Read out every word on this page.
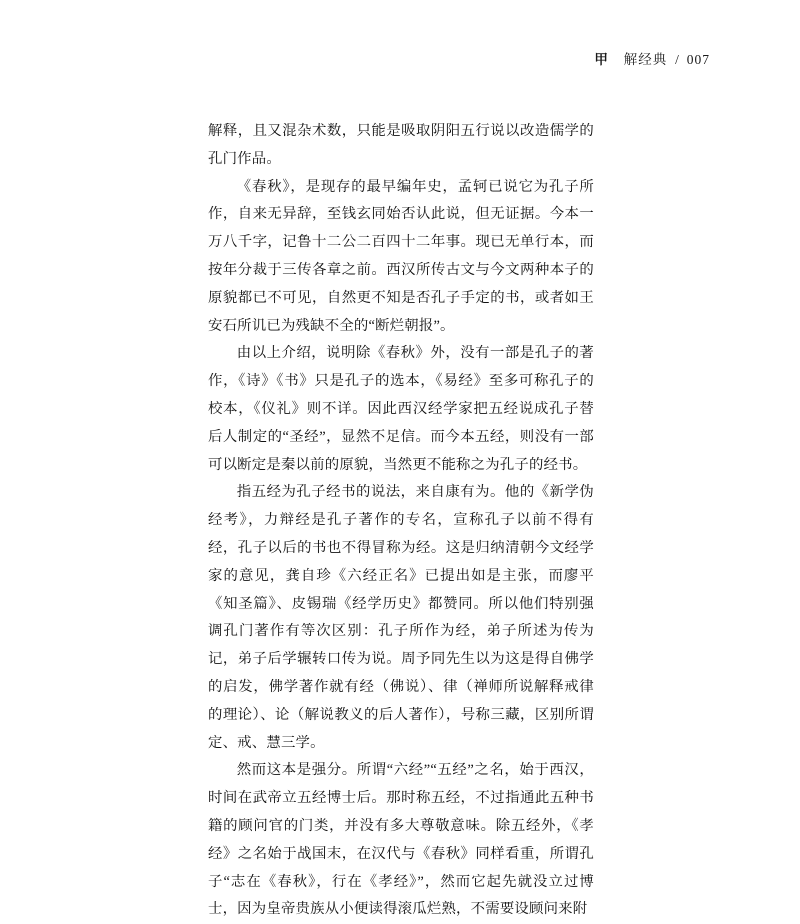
甲 解经典 / 007

解释，且又混杂术数，只能是吸取阴阳五行说以改造儒学的孔门作品。

《春秋》，是现存的最早编年史，孟轲已说它为孔子所作，自来无异辞，至钱玄同始否认此说，但无证据。今本一万八千字，记鲁十二公二百四十二年事。现已无单行本，而按年分裁于三传各章之前。西汉所传古文与今文两种本子的原貌都已不可见，自然更不知是否孔子手定的书，或者如王安石所讥已为残缺不全的“断烂朝报”。

由以上介绍，说明除《春秋》外，没有一部是孔子的著作，《诗》《书》只是孔子的选本，《易经》至多可称孔子的校本，《仪礼》则不详。因此西汉经学家把五经说成孔子替后人制定的“圣经”，显然不足信。而今本五经，则没有一部可以断定是秦以前的原貌，当然更不能称之为孔子的经书。

指五经为孔子经书的说法，来自康有为。他的《新学伪经考》，力辩经是孔子著作的专名，宣称孔子以前不得有经，孔子以后的书也不得冒称为经。这是归纳清朝今文经学家的意见，龚自珍《六经正名》已提出如是主张，而廖平《知圣篇》、皮锡瑞《经学历史》都赞同。所以他们特别强调孔门著作有等次区别：孔子所作为经，弟子所述为传为记，弟子后学辗转口传为说。周予同先生以为这是得自佛学的启发，佛学著作就有经（佛说）、律（禅师所说解释戒律的理论）、论（解说教义的后人著作），号称三藏，区别所谓定、戒、慧三学。

然而这本是强分。所谓“六经”“五经”之名，始于西汉，时间在武帝立五经博士后。那时称五经，不过指通此五种书籍的顾问官的门类，并没有多大尊敬意味。除五经外，《孝经》之名始于战国末，在汉代与《春秋》同样看重，所谓孔子“志在《春秋》，行在《孝经》”，然而它起先就没立过博士，因为皇帝贵族从小便读得滚瓜烂熟，不需要设顾问来附
